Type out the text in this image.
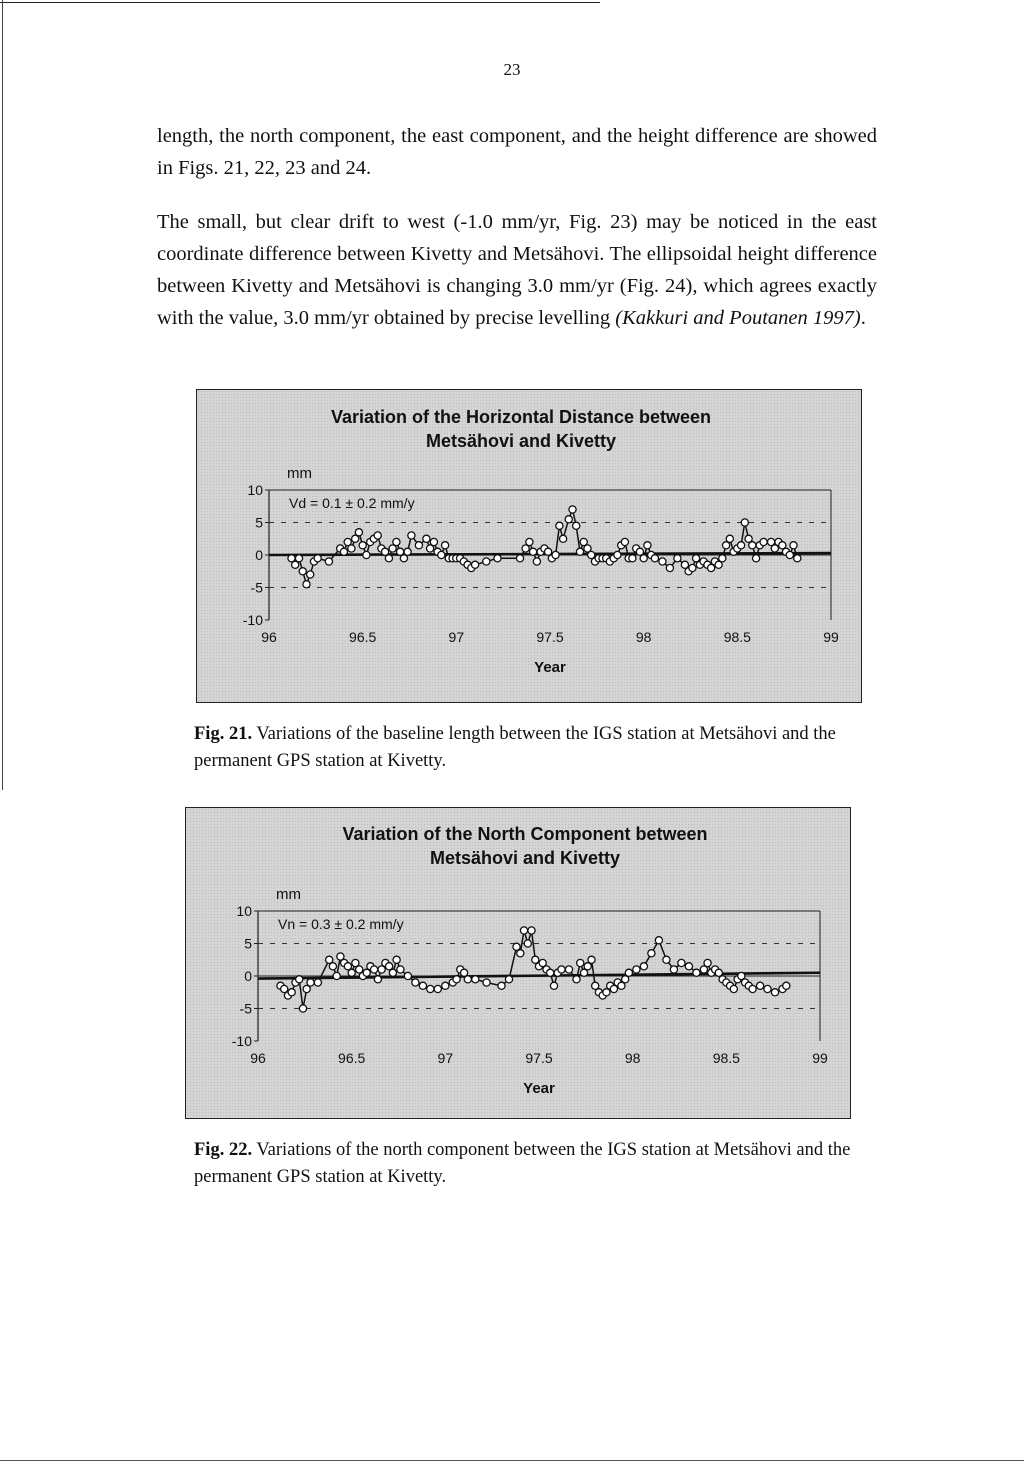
23

length, the north component, the east component, and the height difference are showed in Figs. 21, 22, 23 and 24.

The small, but clear drift to west (-1.0 mm/yr, Fig. 23) may be noticed in the east coordinate difference between Kivetty and Metsähovi. The ellipsoidal height difference between Kivetty and Metsähovi is changing 3.0 mm/yr (Fig. 24), which agrees exactly with the value, 3.0 mm/yr obtained by precise levelling (Kakkuri and Poutanen 1997).

Variation of the Horizontal Distance between
Metsähovi and Kivetty
mm
10
5
0
-5
-10
96	96.5	97	97.5	98	98.5	99
Year
Vd = 0.1 ± 0.2 mm/y

Fig. 21. Variations of the baseline length between the IGS station at Metsähovi and the permanent GPS station at Kivetty.

Variation of the North Component between
Metsähovi and Kivetty
mm
10
5
0
-5
-10
96	96.5	97	97.5	98	98.5	99
Year
Vn = 0.3 ± 0.2 mm/y

Fig. 22. Variations of the north component between the IGS station at Metsähovi and the permanent GPS station at Kivetty.
